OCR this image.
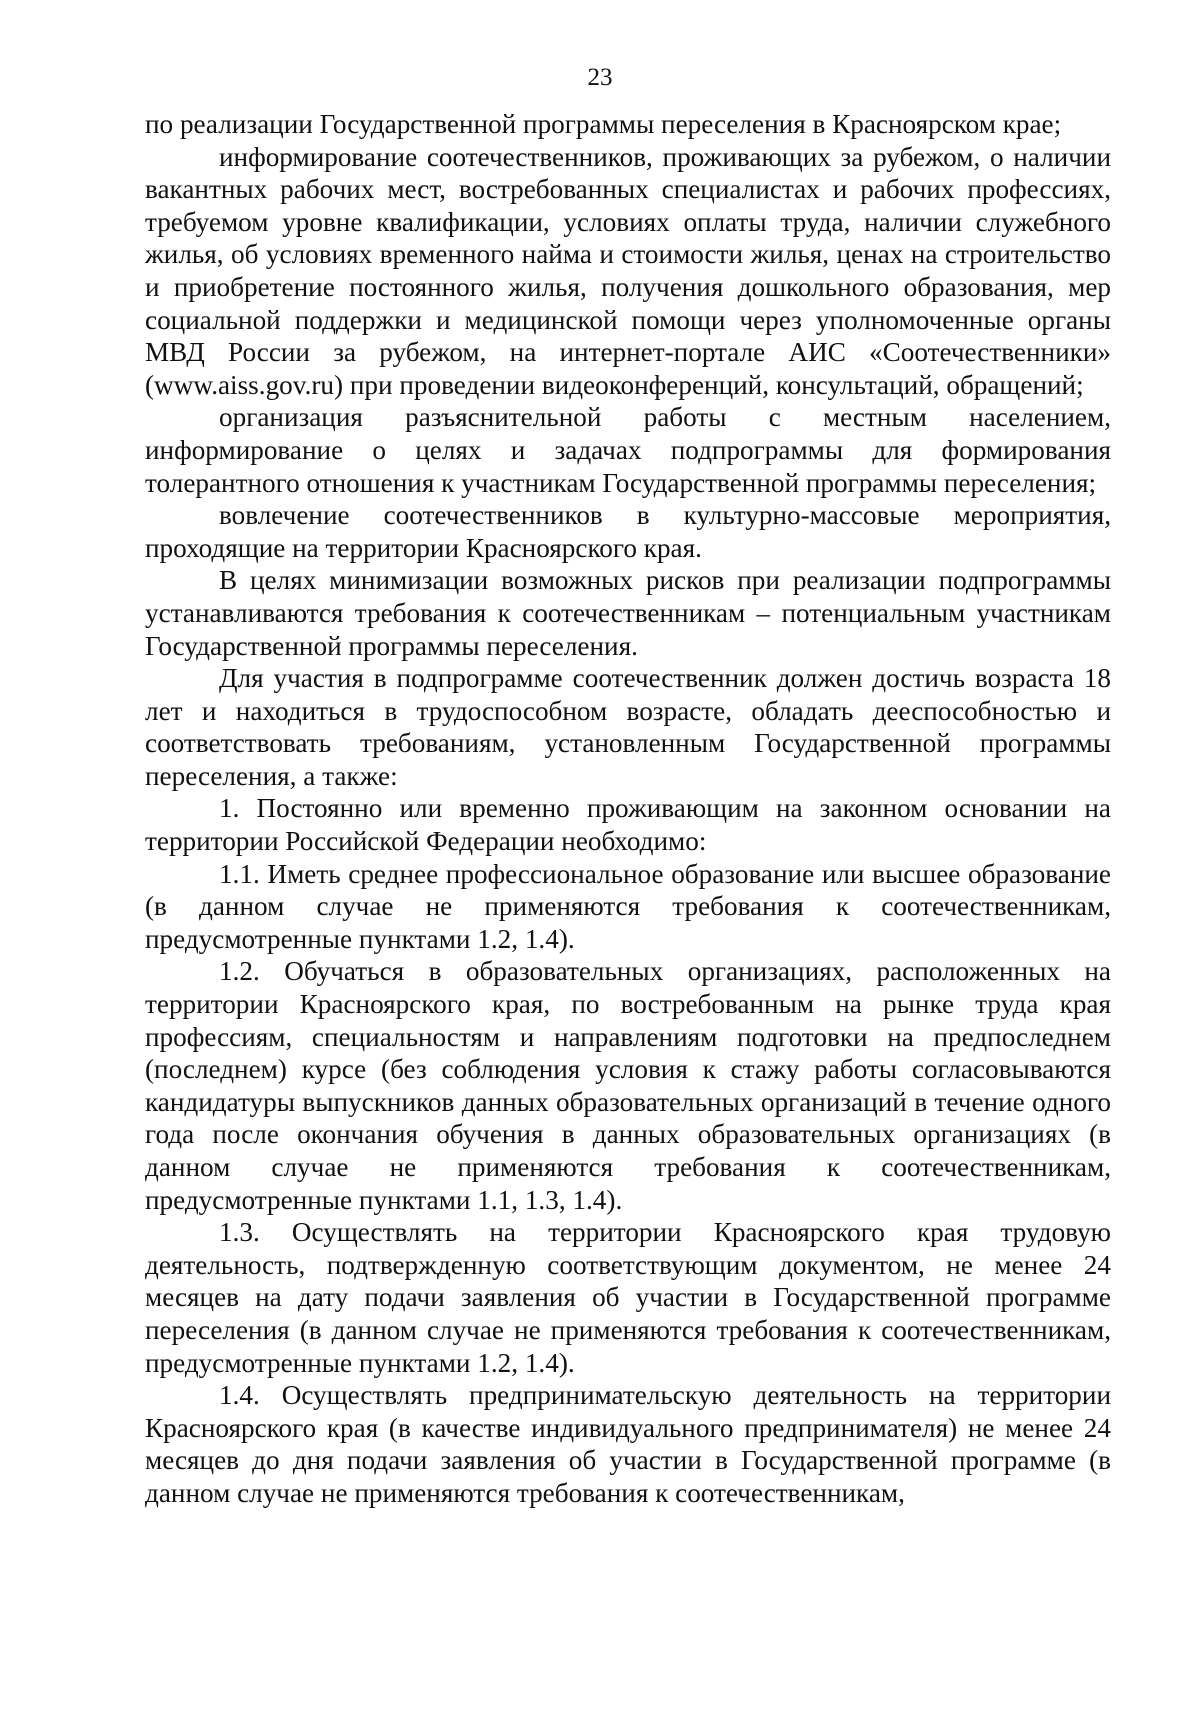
23

по реализации Государственной программы переселения в Красноярском крае;

информирование соотечественников, проживающих за рубежом, о наличии вакантных рабочих мест, востребованных специалистах и рабочих профессиях, требуемом уровне квалификации, условиях оплаты труда, наличии служебного жилья, об условиях временного найма и стоимости жилья, ценах на строительство и приобретение постоянного жилья, получения дошкольного образования, мер социальной поддержки и медицинской помощи через уполномоченные органы МВД России за рубежом, на интернет-портале АИС «Соотечественники» (www.aiss.gov.ru) при проведении видеоконференций, консультаций, обращений;

организация разъяснительной работы с местным населением, информирование о целях и задачах подпрограммы для формирования толерантного отношения к участникам Государственной программы переселения;

вовлечение соотечественников в культурно-массовые мероприятия, проходящие на территории Красноярского края.

В целях минимизации возможных рисков при реализации подпрограммы устанавливаются требования к соотечественникам – потенциальным участникам Государственной программы переселения.

Для участия в подпрограмме соотечественник должен достичь возраста 18 лет и находиться в трудоспособном возрасте, обладать дееспособностью и соответствовать требованиям, установленным Государственной программы переселения, а также:

1. Постоянно или временно проживающим на законном основании на территории Российской Федерации необходимо:

1.1. Иметь среднее профессиональное образование или высшее образование (в данном случае не применяются требования к соотечественникам, предусмотренные пунктами 1.2, 1.4).

1.2. Обучаться в образовательных организациях, расположенных на территории Красноярского края, по востребованным на рынке труда края профессиям, специальностям и направлениям подготовки на предпоследнем (последнем) курсе (без соблюдения условия к стажу работы согласовываются кандидатуры выпускников данных образовательных организаций в течение одного года после окончания обучения в данных образовательных организациях (в данном случае не применяются требования к соотечественникам, предусмотренные пунктами 1.1, 1.3, 1.4).

1.3. Осуществлять на территории Красноярского края трудовую деятельность, подтвержденную соответствующим документом, не менее 24 месяцев на дату подачи заявления об участии в Государственной программе переселения (в данном случае не применяются требования к соотечественникам, предусмотренные пунктами 1.2, 1.4).

1.4. Осуществлять предпринимательскую деятельность на территории Красноярского края (в качестве индивидуального предпринимателя) не менее 24 месяцев до дня подачи заявления об участии в Государственной программе (в данном случае не применяются требования к соотечественникам,
